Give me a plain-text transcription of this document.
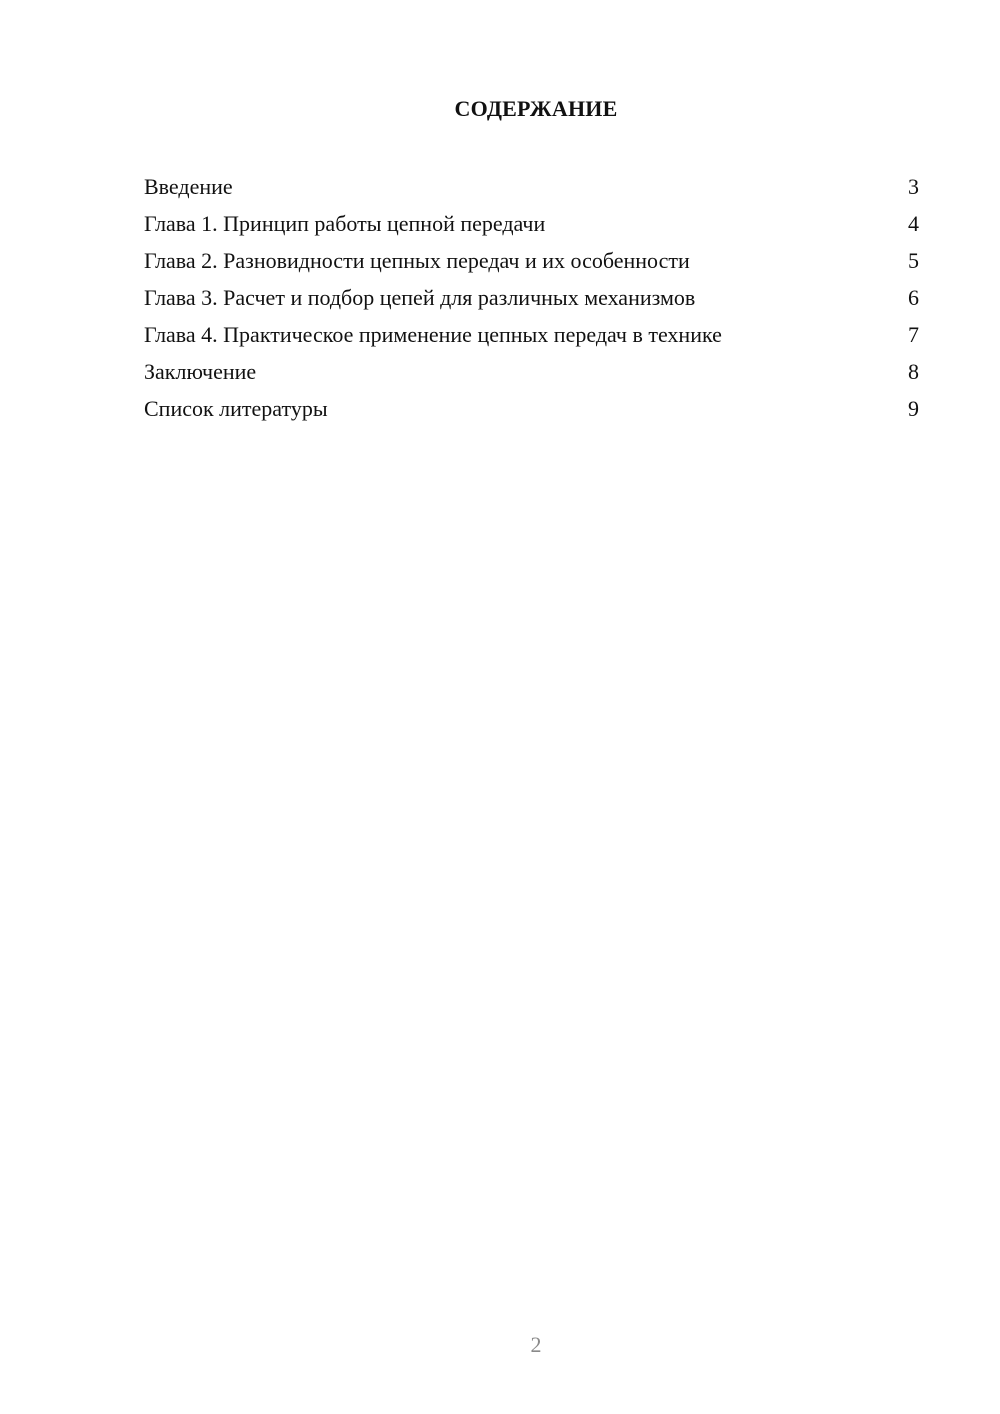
СОДЕРЖАНИЕ
Введение	3
Глава 1. Принцип работы цепной передачи	4
Глава 2. Разновидности цепных передач и их особенности	5
Глава 3. Расчет и подбор цепей для различных механизмов	6
Глава 4. Практическое применение цепных передач в технике	7
Заключение	8
Список литературы	9
2
